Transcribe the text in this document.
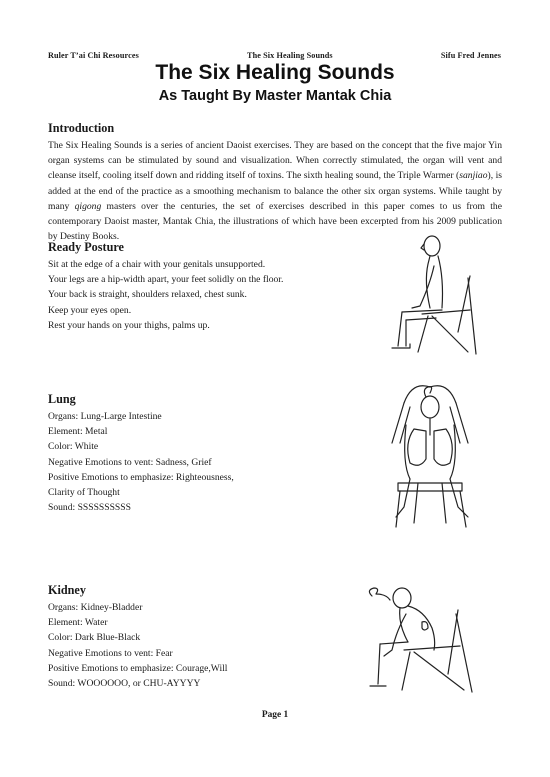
Ruler T’ai Chi Resources	The Six Healing Sounds	Sifu Fred Jennes
The Six Healing Sounds
As Taught By Master Mantak Chia
Introduction
The Six Healing Sounds is a series of ancient Daoist exercises. They are based on the concept that the five major Yin organ systems can be stimulated by sound and visualization. When correctly stimulated, the organ will vent and cleanse itself, cooling itself down and ridding itself of toxins. The sixth healing sound, the Triple Warmer (sanjiao), is added at the end of the practice as a smoothing mechanism to balance the other six organ systems. While taught by many qigong masters over the centuries, the set of exercises described in this paper comes to us from the contemporary Daoist master, Mantak Chia, the illustrations of which have been excerpted from his 2009 publication by Destiny Books.
Ready Posture
Sit at the edge of a chair with your genitals unsupported.
Your legs are a hip-width apart, your feet solidly on the floor.
Your back is straight, shoulders relaxed, chest sunk.
Keep your eyes open.
Rest your hands on your thighs, palms up.
Lung
Organs: Lung-Large Intestine
Element: Metal
Color: White
Negative Emotions to vent: Sadness, Grief
Positive Emotions to emphasize: Righteousness,
Clarity of Thought
Sound: SSSSSSSSSS
Kidney
Organs: Kidney-Bladder
Element: Water
Color: Dark Blue-Black
Negative Emotions to vent: Fear
Positive Emotions to emphasize: Courage,Will
Sound: WOOOOOO, or CHU-AYYYY
Page 1
